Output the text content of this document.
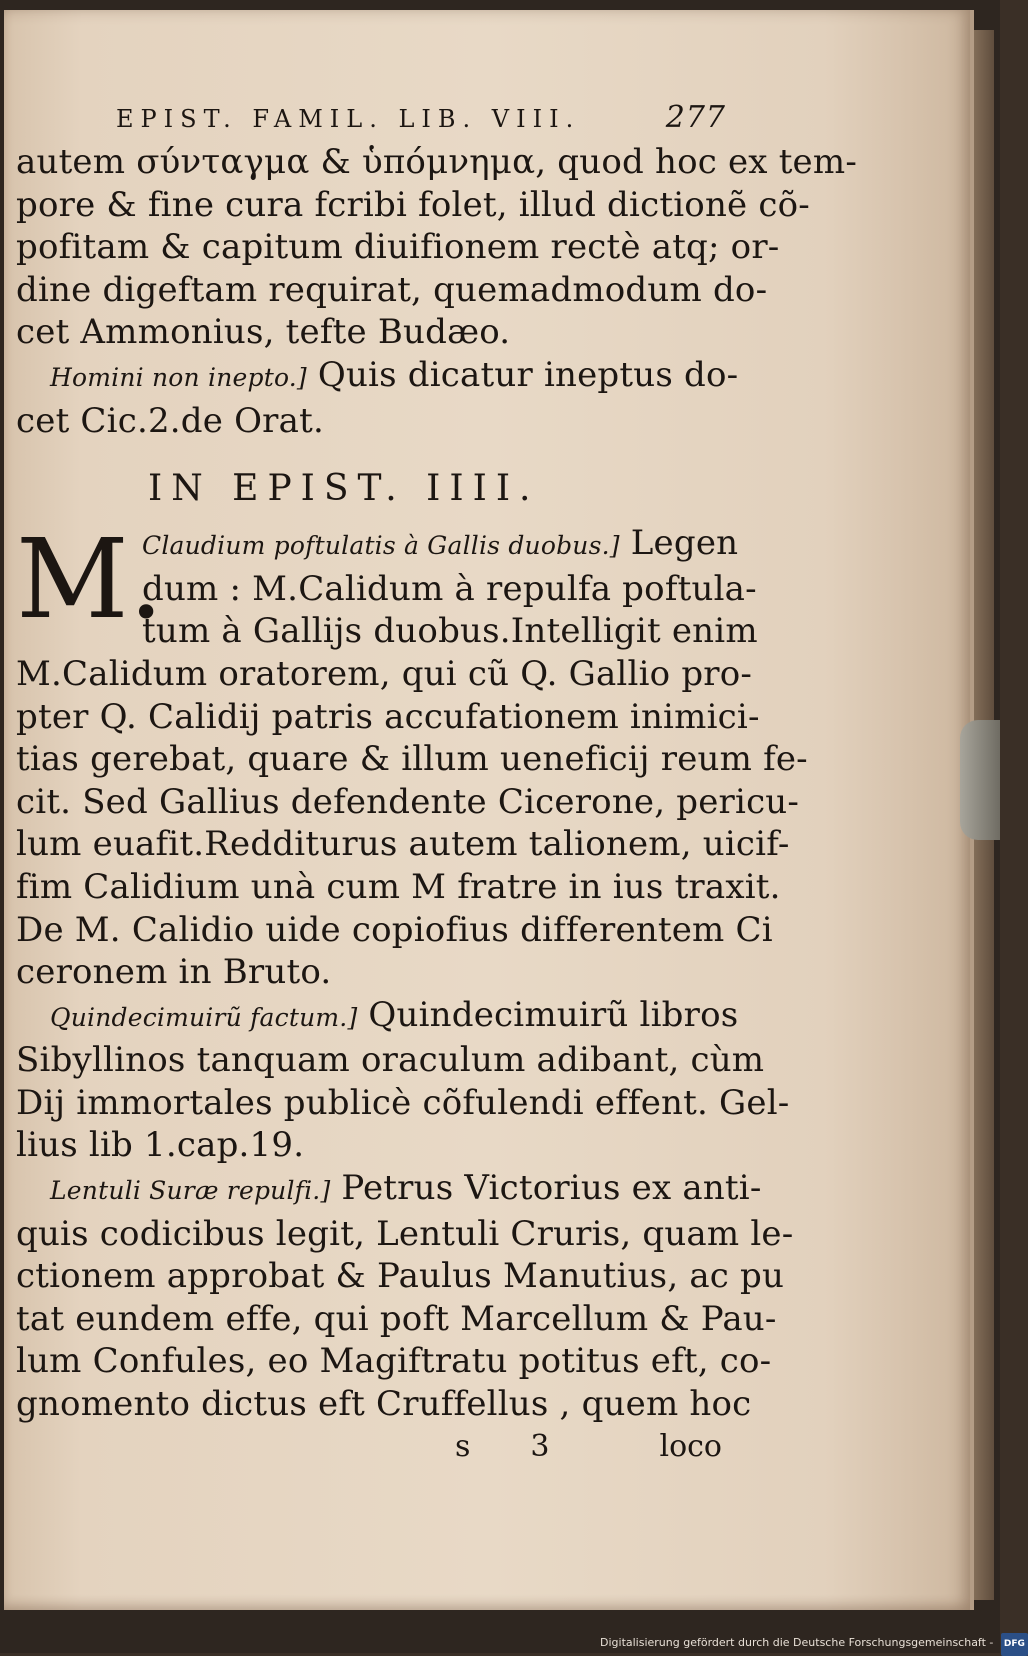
EPIST. FAMIL. LIB. VIII.	277
autem σύνταγμα & ὑπόμνημα, quod hoc ex tem-
pore & fine cura fcribi folet, illud dictionẽ cõ-
pofitam & capitum diuifionem rectè atq; or-
dine digeftam requirat, quemadmodum do-
cet Ammonius, tefte Budæo.
Homini non inepto.] Quis dicatur ineptus do-
cet Cic.2.de Orat.
IN EPIST. IIII.
M.
Claudium poftulatis à Gallis duobus.] Legen
dum : M.Calidum à repulfa poftula-
tum à Gallijs duobus.Intelligit enim
M.Calidum oratorem, qui cũ Q. Gallio pro-
pter Q. Calidij patris accufationem inimici-
tias gerebat, quare & illum ueneficij reum fe-
cit. Sed Gallius defendente Cicerone, pericu-
lum euafit.Redditurus autem talionem, uicif-
fim Calidium unà cum M fratre in ius traxit.
De M. Calidio uide copiofius differentem Ci
ceronem in Bruto.
Quindecimuirũ factum.] Quindecimuirũ libros
Sibyllinos tanquam oraculum adibant, cùm
Dij immortales publicè cõfulendi effent. Gel-
lius lib 1.cap.19.
Lentuli Suræ repulfi.] Petrus Victorius ex anti-
quis codicibus legit, Lentuli Cruris, quam le-
ctionem approbat & Paulus Manutius, ac pu
tat eundem effe, qui poft Marcellum & Pau-
lum Confules, eo Magiftratu potitus eft, co-
gnomento dictus eft Cruffellus , quem hoc
s 3	loco
Digitalisierung gefördert durch die Deutsche Forschungsgemeinschaft - DFG
